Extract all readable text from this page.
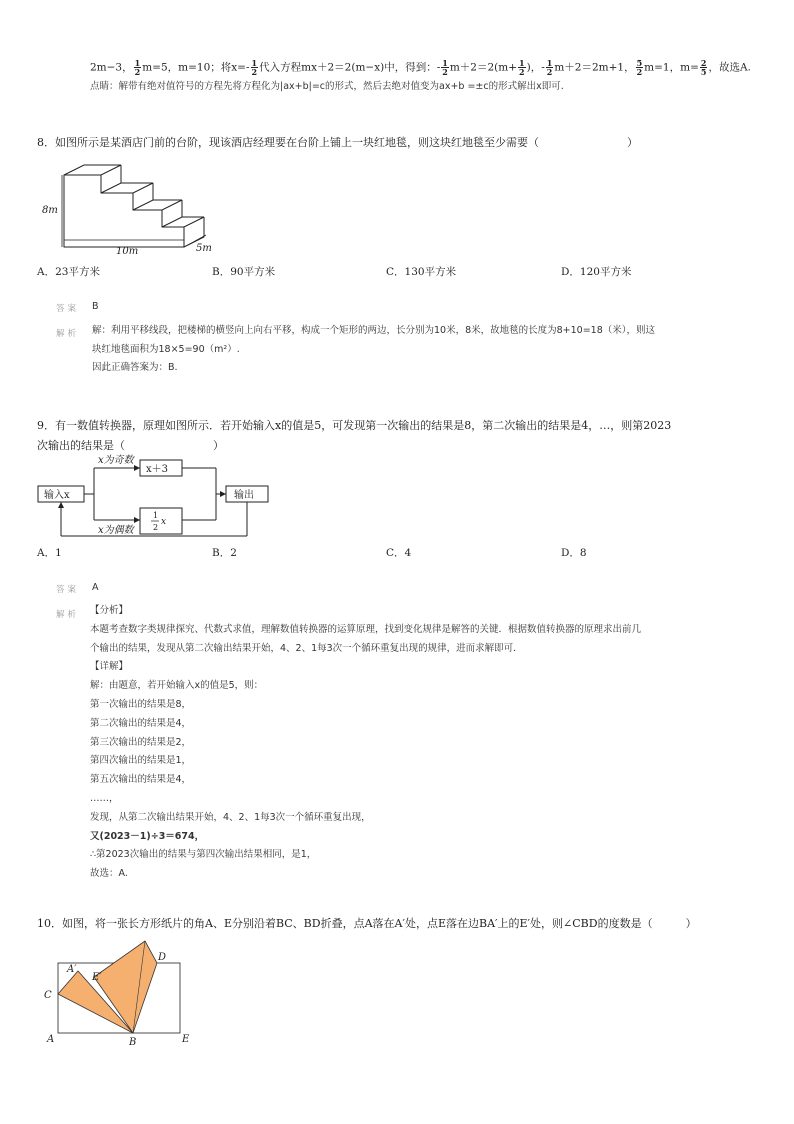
2m−3， $\frac{1}{2} m=5$，m=10；将$x=- \frac{1}{2}$ 代入方程mx＋2＝2(m−x)中，得到：- $\frac{1}{2} m+2=2(m+ \frac{1}{2}$ )，- $\frac{1}{2} m+2=2m+1$， $\frac{5}{2} m=1$，$m= \frac{2}{5}$ ，故选A.
点睛：解带有绝对值符号的方程先将方程化为|ax+b|=c的形式，然后去绝对值变为ax+b =±c的形式解出x即可.
8．如图所示是某酒店门前的台阶，现该酒店经理要在台阶上铺上一块红地毯，则这块红地毯至少需要（　　　　　　　　）
8m
10m	5m
A．23平方米	B．90平方米	C．130平方米	D．120平方米
答案 B
解析 解：利用平移线段，把楼梯的横竖向上向右平移，构成一个矩形的两边，长分别为10米，8米，故地毯的长度为8+10=18（米），则这
块红地毯面积为18×5=90（m²）.
因此正确答案为：B.
9．有一数值转换器，原理如图所示．若开始输入x的值是5，可发现第一次输出的结果是8，第二次输出的结果是4，…，则第2023
次输出的结果是（　　　　　　　　）
x为奇数
x为偶数
x＋3
1
2
x
输入x	输出
A．1	B．2	C．4	D．8
答案 A
解析 【分析】
本题考查数字类规律探究、代数式求值，理解数值转换器的运算原理，找到变化规律是解答的关键．根据数值转换器的原理求出前几
个输出的结果，发现从第二次输出结果开始，4、2、1每3次一个循环重复出现的规律，进而求解即可．
【详解】
解：由题意，若开始输入x的值是5，则：
第一次输出的结果是8，
第二次输出的结果是4，
第三次输出的结果是2，
第四次输出的结果是1，
第五次输出的结果是4，
……，
发现，从第二次输出结果开始，4、2、1每3次一个循环重复出现，
又(2023－1)÷3＝674，
∴第2023次输出的结果与第四次输出结果相同，是1，
故选：A.
10．如图，将一张长方形纸片的角A、E分别沿着BC、BD折叠，点A落在A′处，点E落在边BA′上的E′处，则∠CBD的度数是（　　　）
A	B
C
D
E
A′
E′
